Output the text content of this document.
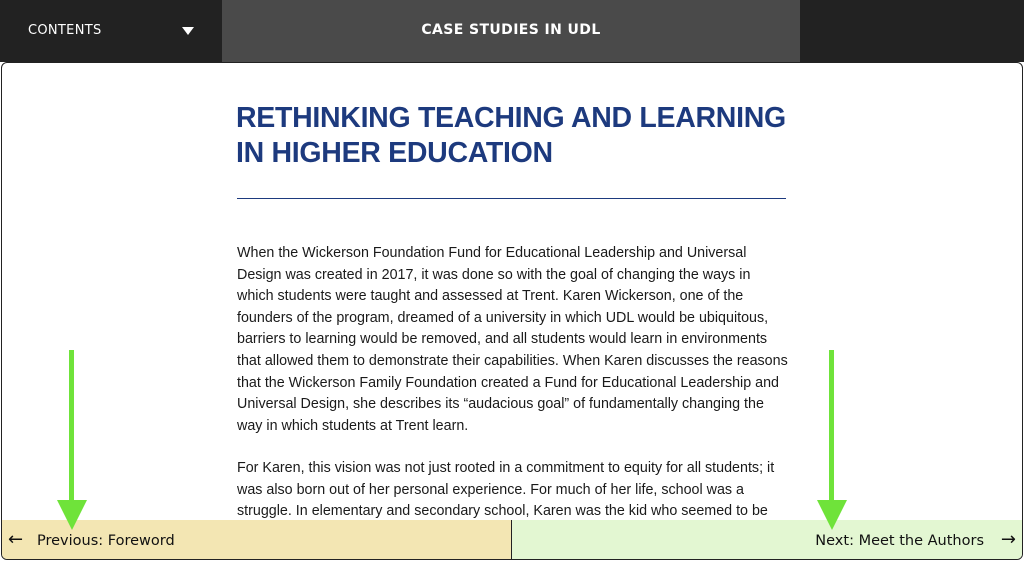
CONTENTS	CASE STUDIES IN UDL
RETHINKING TEACHING AND LEARNING IN HIGHER EDUCATION

When the Wickerson Foundation Fund for Educational Leadership and Universal Design was created in 2017, it was done so with the goal of changing the ways in which students were taught and assessed at Trent. Karen Wickerson, one of the founders of the program, dreamed of a university in which UDL would be ubiquitous, barriers to learning would be removed, and all students would learn in environments that allowed them to demonstrate their capabilities. When Karen discusses the reasons that the Wickerson Family Foundation created a Fund for Educational Leadership and Universal Design, she describes its “audacious goal” of fundamentally changing the way in which students at Trent learn.

For Karen, this vision was not just rooted in a commitment to equity for all students; it was also born out of her personal experience. For much of her life, school was a struggle. In elementary and secondary school, Karen was the kid who seemed to be

← Previous: Foreword	Next: Meet the Authors →
